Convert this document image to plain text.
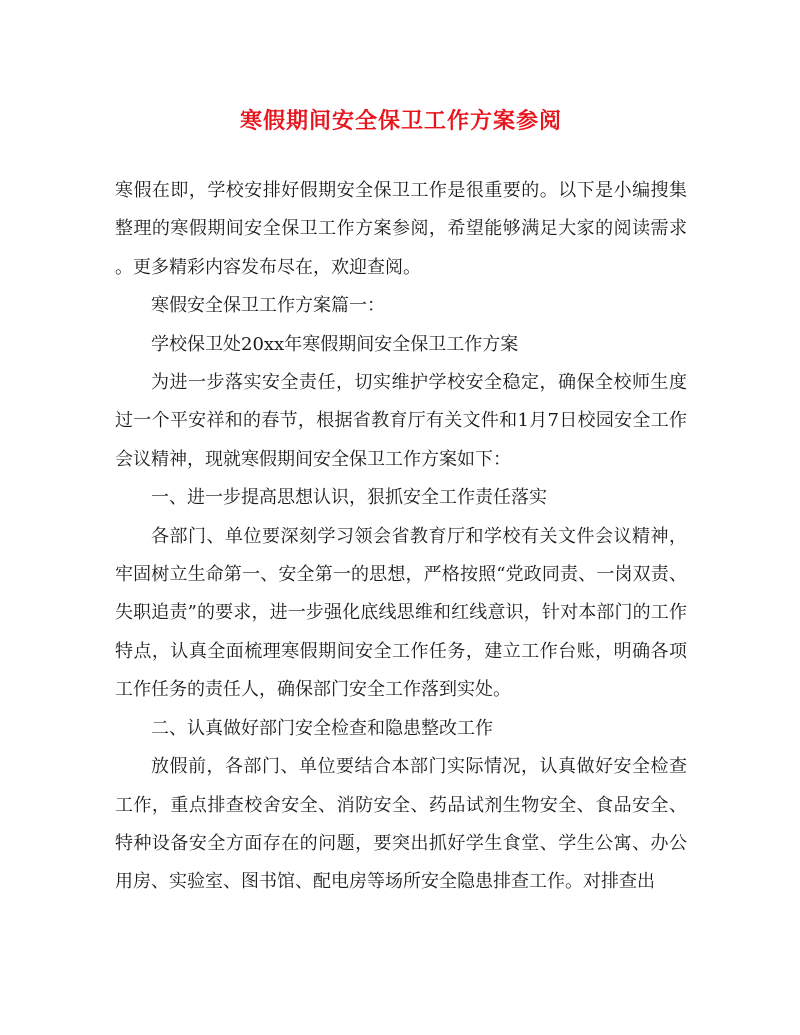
寒假期间安全保卫工作方案参阅

寒假在即，学校安排好假期安全保卫工作是很重要的。以下是小编搜集整理的寒假期间安全保卫工作方案参阅，希望能够满足大家的阅读需求。更多精彩内容发布尽在，欢迎查阅。

寒假安全保卫工作方案篇一：

学校保卫处20xx年寒假期间安全保卫工作方案

为进一步落实安全责任，切实维护学校安全稳定，确保全校师生度过一个平安祥和的春节，根据省教育厅有关文件和1月7日校园安全工作会议精神，现就寒假期间安全保卫工作方案如下：

一、进一步提高思想认识，狠抓安全工作责任落实

各部门、单位要深刻学习领会省教育厅和学校有关文件会议精神，牢固树立生命第一、安全第一的思想，严格按照“党政同责、一岗双责、失职追责”的要求，进一步强化底线思维和红线意识，针对本部门的工作特点，认真全面梳理寒假期间安全工作任务，建立工作台账，明确各项工作任务的责任人，确保部门安全工作落到实处。

二、认真做好部门安全检查和隐患整改工作

放假前，各部门、单位要结合本部门实际情况，认真做好安全检查工作，重点排查校舍安全、消防安全、药品试剂生物安全、食品安全、特种设备安全方面存在的问题，要突出抓好学生食堂、学生公寓、办公用房、实验室、图书馆、配电房等场所安全隐患排查工作。对排查出
